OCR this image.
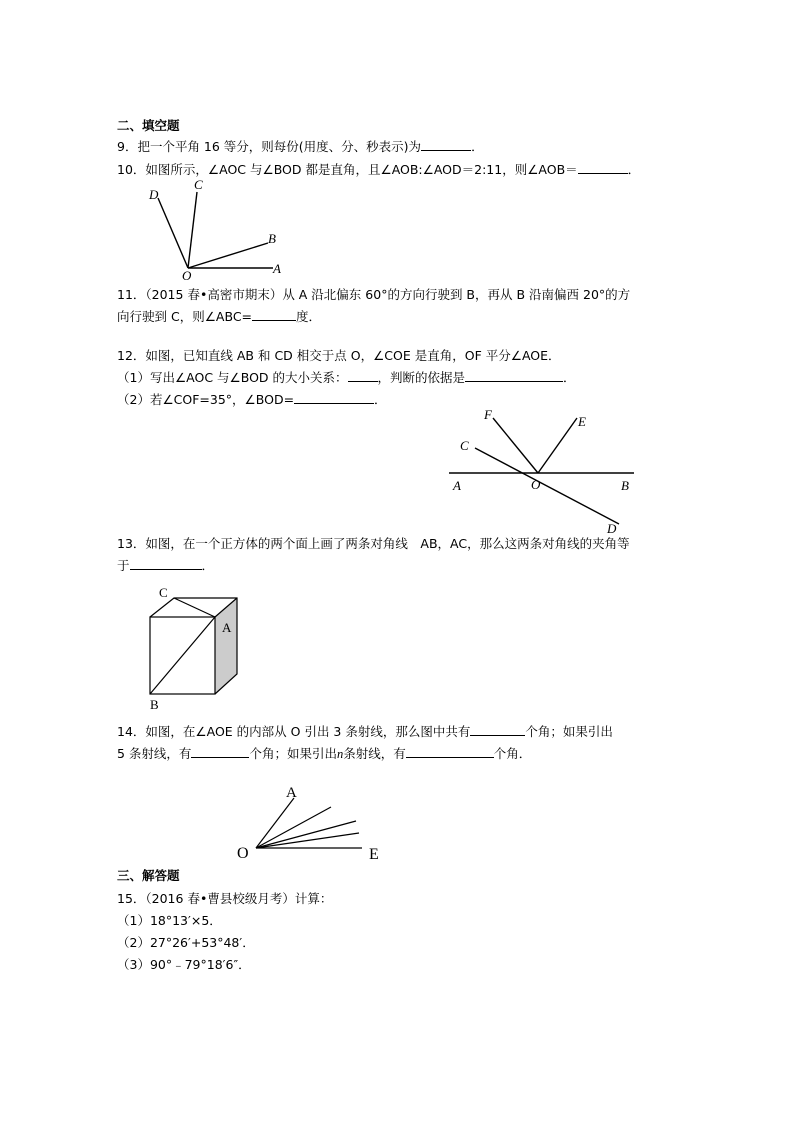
二、填空题
9．把一个平角 16 等分，则每份(用度、分、秒表示)为	．
10．如图所示，∠AOC 与∠BOD 都是直角，且∠AOB:∠AOD＝2:11，则∠AOB＝	．
D
C
B
O	A
11．（2015 春•高密市期末）从 A 沿北偏东 60°的方向行驶到 B，再从 B 沿南偏西 20°的方
向行驶到 C，则∠ABC=	度．
12．如图，已知直线 AB 和 CD 相交于点 O，∠COE 是直角，OF 平分∠AOE．
（1）写出∠AOC 与∠BOD 的大小关系： ，判断的依据是	．
（2）若∠COF=35°，∠BOD=	．
F	E
C
A	O	B
D
13．如图，在一个正方体的两个面上画了两条对角线　AB，AC，那么这两条对角线的夹角等
于	．
C
A
B
14．如图，在∠AOE 的内部从 O 引出 3 条射线，那么图中共有	个角；如果引出
5 条射线，有	个角；如果引出n条射线，有	个角．
A
O	E
三、解答题
15．（2016 春•曹县校级月考）计算：
（1）18°13′×5．
（2）27°26′+53°48′．
（3）90°﹣79°18′6″．
